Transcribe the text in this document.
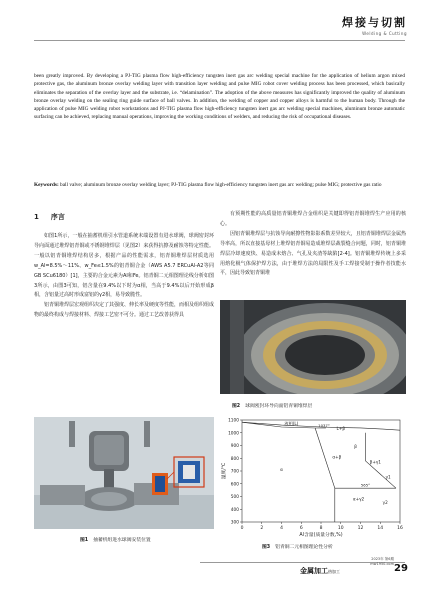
焊接与切割
Welding & Cutting
been greatly improved. By developing a PJ-TIG plasma flow high-efficiency tungsten inert gas arc welding special machine for the application of helium argon mixed protective gas, the aluminum bronze overlay welding layer with transition layer welding and pulse MIG robot cover welding process has been processed, which basically eliminates the separation of the overlay layer and the substrate, i.e. “delamination”. The adoption of the above measures has significantly improved the quality of aluminum bronze overlay welding on the sealing ring guide surface of ball valves. In addition, the welding of copper and copper alloys is harmful to the human body. Through the application of pulse MIG welding robot workstations and PJ-TIG plasma flow high-efficiency tungsten inert gas arc welding special machines, aluminum bronze automatic surfacing can be achieved, replacing manual operations, improving the working conditions of welders, and reducing the risk of occupational diseases.
Keywords: ball valve; aluminum bronze overlay welding layer; PJ-TIG plasma flow high-efficiency tungsten inert gas arc welding; pulse MIG; protective gas ratio
1 序言

如图1所示，一般在抽蓄机组引水管道系统末端设置有进水球阀，球阀密封环导向面通过堆焊铝青铜或不锈钢堆焊层（见图2）来获得抗擦及耐蚀等特定性能。一般以铝青铜堆焊结构居多，根据产品的性能需求，铝青铜堆焊层材质选用w_Al=8.5%～11%、w_Fe≤1.5%的铝青铜合金（AWS A5.7 ERCuAl-A2等同GB SCu6180）[1]，主要的合金元素为Al和Fe。铝青铜二元相图理论线分析如图3所示，由图3可知，铝含量在9.4%以下时为α相，当高于9.4%以后开始形成β相，含铝量过高时形成富铝的γ2相，易导致脆性。

铝青铜堆焊层宏观组织决定了其强度、伸长率及硬度等性能，而相及组织组成物的最终构成与焊接材料、焊接工艺密不可分。通过工艺改善获得具

有预期性能的高质量铝青铜堆焊合金组织是关键即得铝青铜堆焊生产应用的核心。

因铝青铜堆焊层与抗蚀导向耐擦性物影影系数差异较大，且铝青铜堆焊层金属热导率高，所以直接基母材上堆焊铝青铜易造成堆焊层裁裂缝合问题，同时，铝青铜堆焊层冷却速度快、易造成未熔合、气孔及夹渣等缺陷[2-4]。铝青铜堆焊传统上多采用熔化极气体保护焊方法，由于堆焊方法的局限性及手工焊接受制于操作者技能水平，因此导致铝青铜堆

图1 抽蓄机组进水球阀安装位置
图2 球阀密封环导向面铝青铜堆焊层
0	2	4	6	8	10	12	14	16
300
400
500
600
700
800
900
1000
1100
Al含量(质量分数,%)
温度/℃
液相(L)
α
α+β
β
β+γ1
α+γ2
γ2
L+β
γ1
1037°
565°
图3 铝青铜二元相图理论性分析
2023年 第6期
mw1950.com
金属加工热加工	29
